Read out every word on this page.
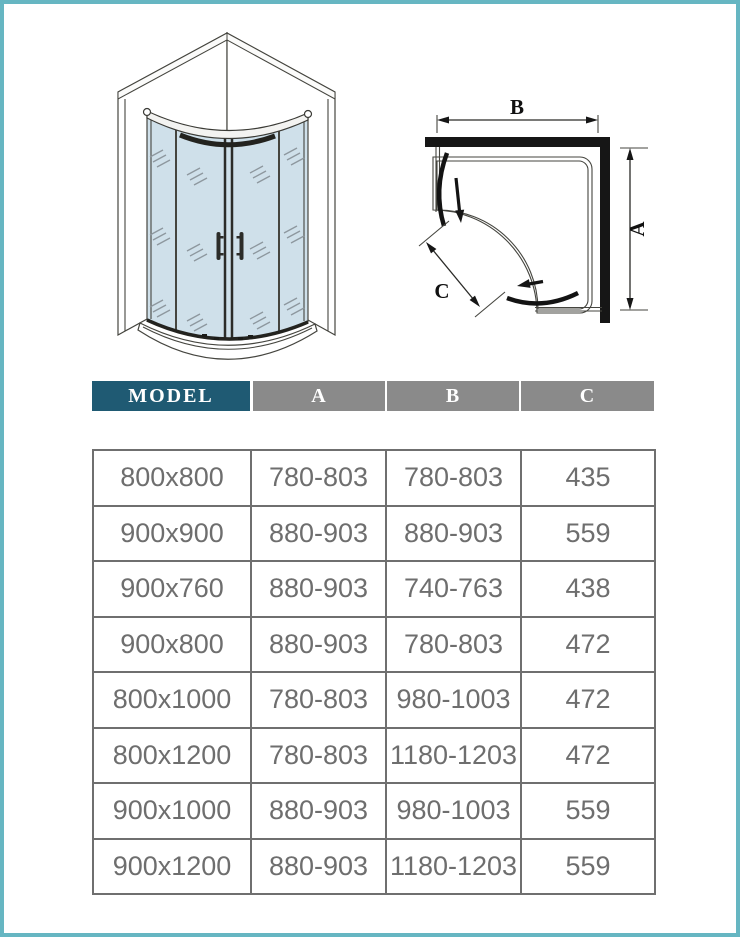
B
A
C
MODEL	A	B	C
800x800	780-803	780-803	435
900x900	880-903	880-903	559
900x760	880-903	740-763	438
900x800	880-903	780-803	472
800x1000	780-803	980-1003	472
800x1200	780-803	1180-1203	472
900x1000	880-903	980-1003	559
900x1200	880-903	1180-1203	559
